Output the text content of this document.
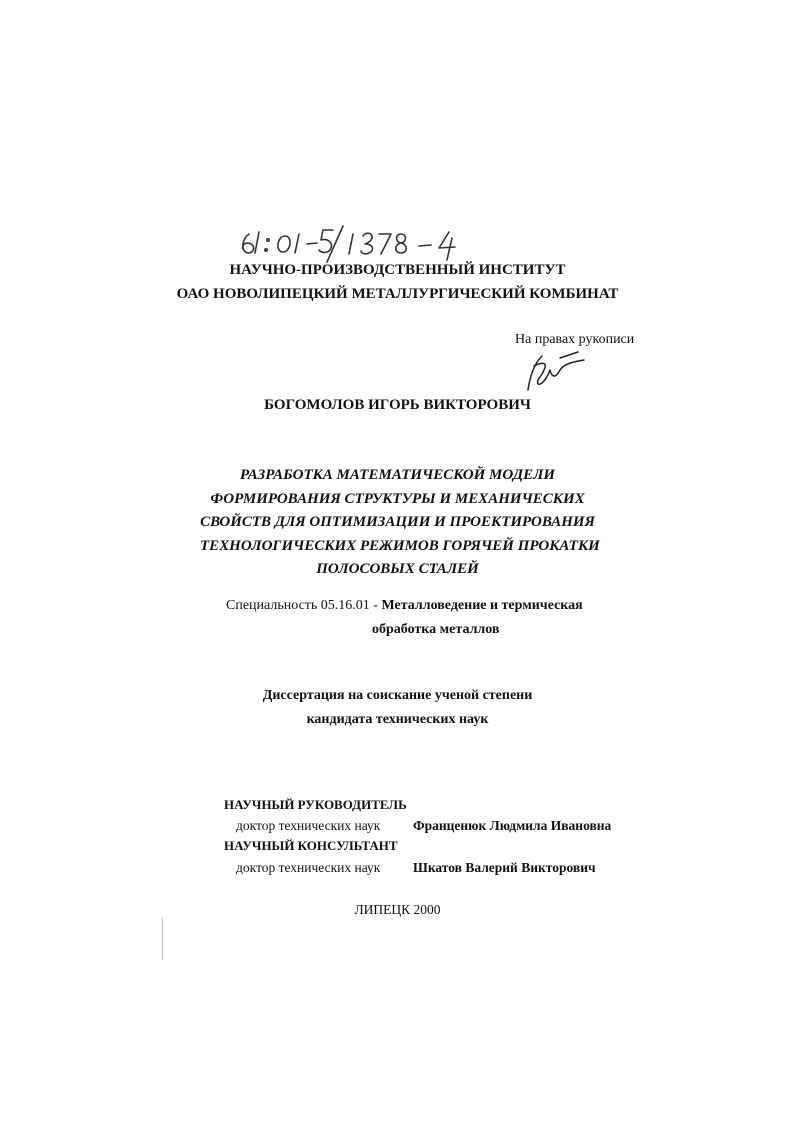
НАУЧНО-ПРОИЗВОДСТВЕННЫЙ ИНСТИТУТ
ОАО НОВОЛИПЕЦКИЙ МЕТАЛЛУРГИЧЕСКИЙ КОМБИНАТ
На правах рукописи
БОГОМОЛОВ ИГОРЬ ВИКТОРОВИЧ
РАЗРАБОТКА МАТЕМАТИЧЕСКОЙ МОДЕЛИ
ФОРМИРОВАНИЯ СТРУКТУРЫ И МЕХАНИЧЕСКИХ
СВОЙСТВ ДЛЯ ОПТИМИЗАЦИИ И ПРОЕКТИРОВАНИЯ
ТЕХНОЛОГИЧЕСКИХ РЕЖИМОВ ГОРЯЧЕЙ ПРОКАТКИ
ПОЛОСОВЫХ СТАЛЕЙ
Специальность 05.16.01 - Металловедение и термическая
обработка металлов
Диссертация на соискание ученой степени
кандидата технических наук
НАУЧНЫЙ РУКОВОДИТЕЛЬ
доктор технических наук Франценюк Людмила Ивановна
НАУЧНЫЙ КОНСУЛЬТАНТ
доктор технических наук Шкатов Валерий Викторович
ЛИПЕЦК 2000
